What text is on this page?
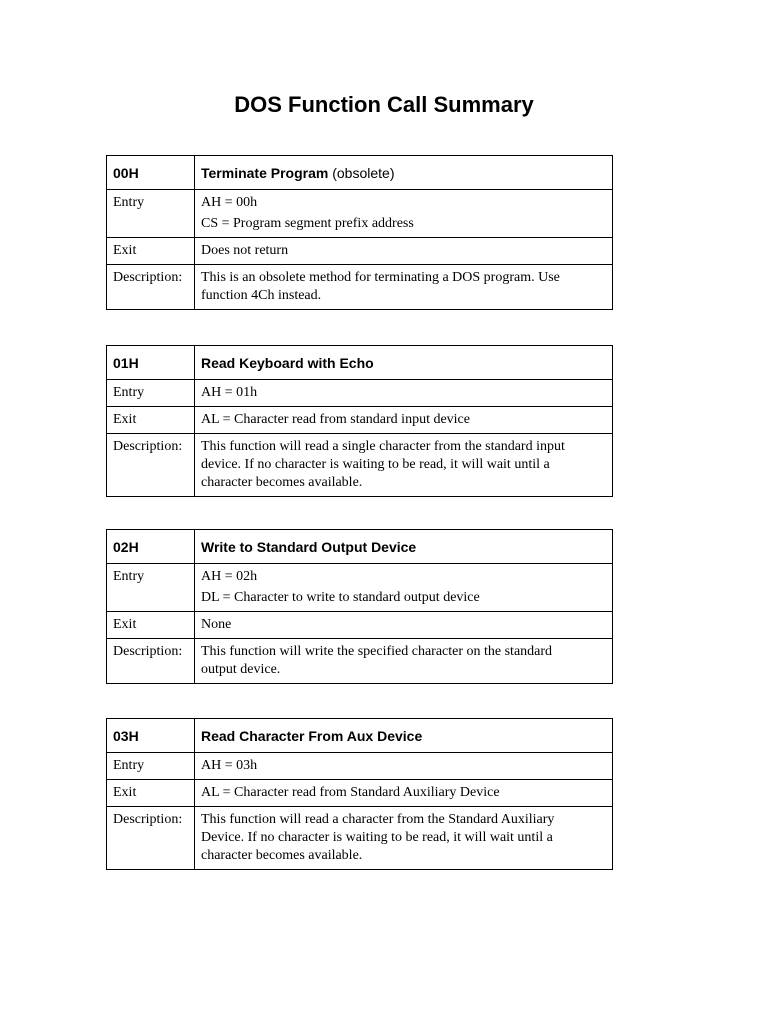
DOS Function Call Summary
00H	Terminate Program (obsolete)
Entry	AH = 00h
CS = Program segment prefix address

Exit	Does not return

Description:	This is an obsolete method for terminating a DOS program. Use
function 4Ch instead.
01H	Read Keyboard with Echo
Entry	AH = 01h

Exit	AL = Character read from standard input device

Description:	This function will read a single character from the standard input
device. If no character is waiting to be read, it will wait until a
character becomes available.
02H	Write to Standard Output Device
Entry	AH = 02h
DL = Character to write to standard output device

Exit	None

Description:	This function will write the specified character on the standard
output device.
03H	Read Character From Aux Device
Entry	AH = 03h

Exit	AL = Character read from Standard Auxiliary Device

Description:	This function will read a character from the Standard Auxiliary
Device. If no character is waiting to be read, it will wait until a
character becomes available.
